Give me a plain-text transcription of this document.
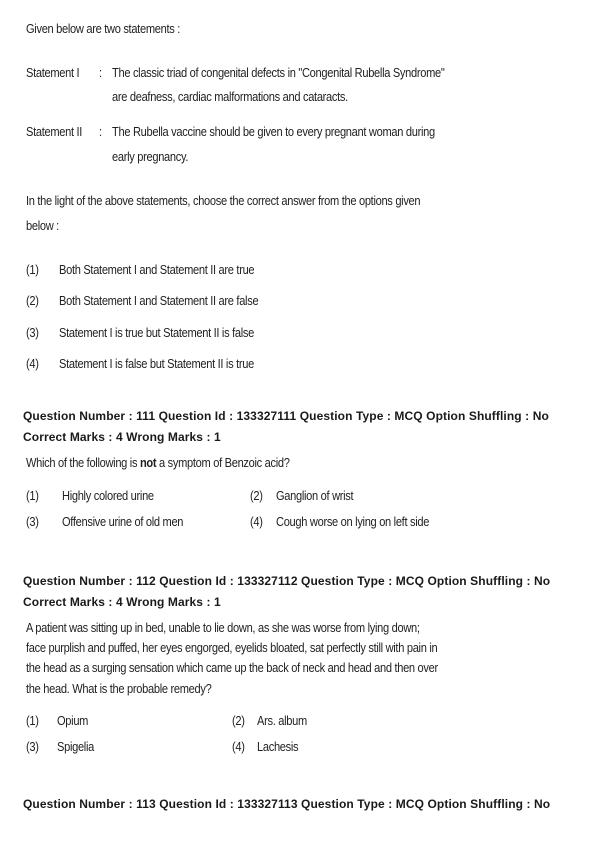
Given below are two statements :
Statement I : The classic triad of congenital defects in "Congenital Rubella Syndrome"
are deafness, cardiac malformations and cataracts.
Statement II : The Rubella vaccine should be given to every pregnant woman during
early pregnancy.
In the light of the above statements, choose the correct answer from the options given
below :
(1) Both Statement I and Statement II are true
(2) Both Statement I and Statement II are false
(3) Statement I is true but Statement II is false
(4) Statement I is false but Statement II is true
Question Number : 111 Question Id : 133327111 Question Type : MCQ Option Shuffling : No
Correct Marks : 4 Wrong Marks : 1
Which of the following is not a symptom of Benzoic acid?
(1) Highly colored urine	(2) Ganglion of wrist
(3) Offensive urine of old men	(4) Cough worse on lying on left side
Question Number : 112 Question Id : 133327112 Question Type : MCQ Option Shuffling : No
Correct Marks : 4 Wrong Marks : 1
A patient was sitting up in bed, unable to lie down, as she was worse from lying down;
face purplish and puffed, her eyes engorged, eyelids bloated, sat perfectly still with pain in
the head as a surging sensation which came up the back of neck and head and then over
the head. What is the probable remedy?
(1) Opium	(2) Ars. album
(3) Spigelia	(4) Lachesis
Question Number : 113 Question Id : 133327113 Question Type : MCQ Option Shuffling : No
